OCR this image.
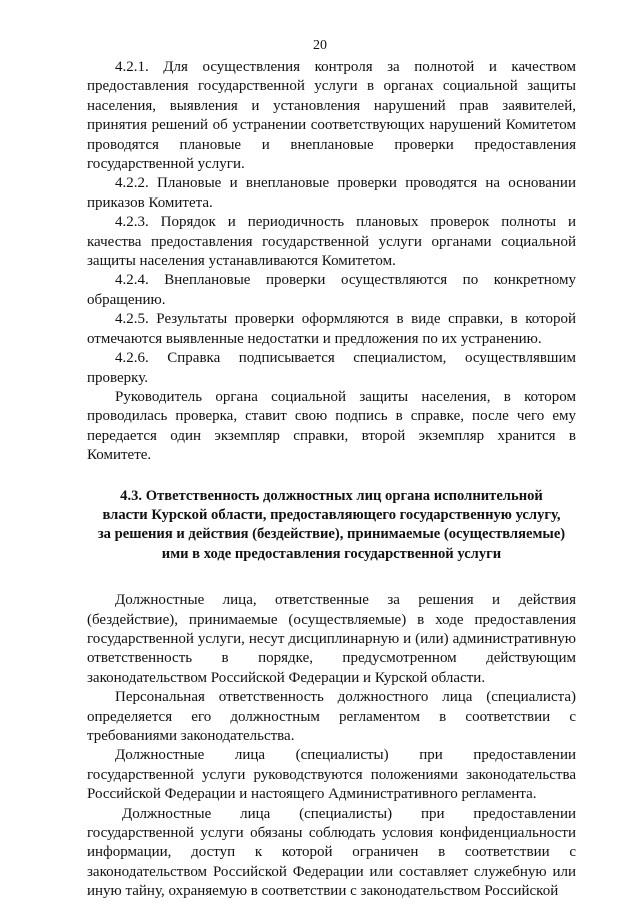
20

4.2.1. Для осуществления контроля за полнотой и качеством предоставления государственной услуги в органах социальной защиты населения, выявления и установления нарушений прав заявителей, принятия решений об устранении соответствующих нарушений Комитетом проводятся плановые и внеплановые проверки предоставления государственной услуги.

4.2.2. Плановые и внеплановые проверки проводятся на основании приказов Комитета.

4.2.3. Порядок и периодичность плановых проверок полноты и качества предоставления государственной услуги органами социальной защиты населения устанавливаются Комитетом.

4.2.4. Внеплановые проверки осуществляются по конкретному обращению.

4.2.5. Результаты проверки оформляются в виде справки, в которой отмечаются выявленные недостатки и предложения по их устранению.

4.2.6. Справка подписывается специалистом, осуществлявшим проверку.

Руководитель органа социальной защиты населения, в котором проводилась проверка, ставит свою подпись в справке, после чего ему передается один экземпляр справки, второй экземпляр хранится в Комитете.

4.3. Ответственность должностных лиц органа исполнительной
власти Курской области, предоставляющего государственную услугу,
за решения и действия (бездействие), принимаемые (осуществляемые)
ими в ходе предоставления государственной услуги

Должностные лица, ответственные за решения и действия (бездействие), принимаемые (осуществляемые) в ходе предоставления государственной услуги, несут дисциплинарную и (или) административную ответственность в порядке, предусмотренном действующим законодательством Российской Федерации и Курской области.

Персональная ответственность должностного лица (специалиста) определяется его должностным регламентом в соответствии с требованиями законодательства.

Должностные лица (специалисты) при предоставлении государственной услуги руководствуются положениями законодательства Российской Федерации и настоящего Административного регламента.

Должностные лица (специалисты) при предоставлении государственной услуги обязаны соблюдать условия конфиденциальности информации, доступ к которой ограничен в соответствии с законодательством Российской Федерации или составляет служебную или иную тайну, охраняемую в соответствии с законодательством Российской
